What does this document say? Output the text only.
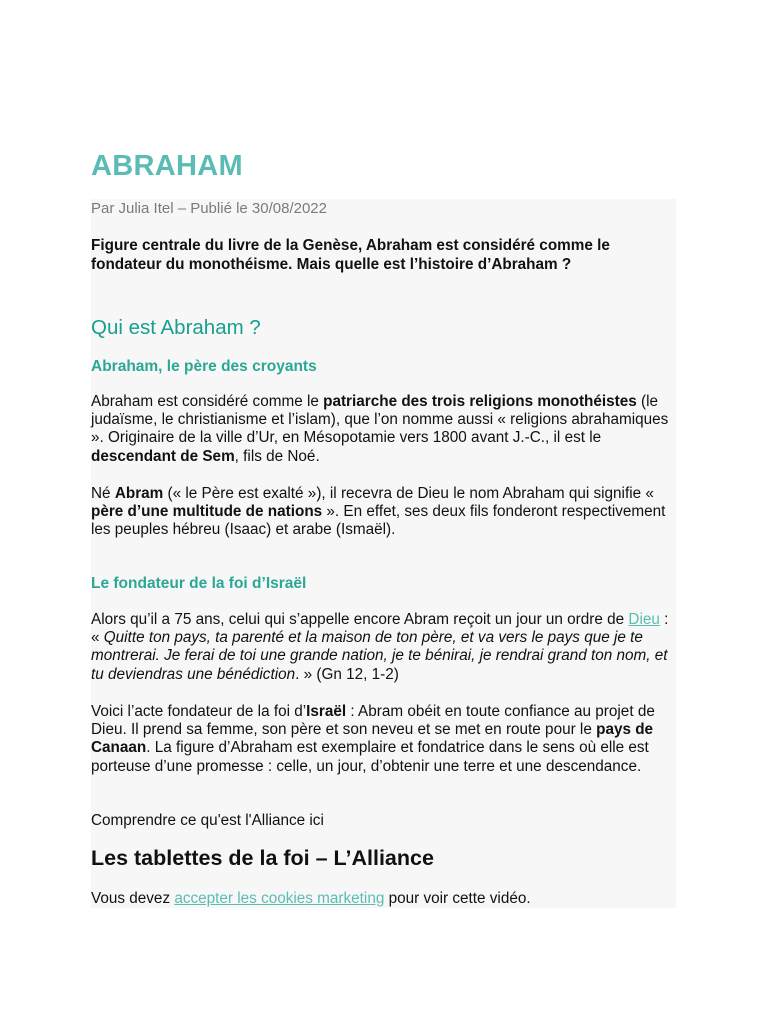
ABRAHAM
Par Julia Itel – Publié le 30/08/2022
Figure centrale du livre de la Genèse, Abraham est considéré comme le fondateur du monothéisme. Mais quelle est l’histoire d’Abraham ?
Qui est Abraham ?
Abraham, le père des croyants

Abraham est considéré comme le patriarche des trois religions monothéistes (le judaïsme, le christianisme et l’islam), que l’on nomme aussi « religions abrahamiques ». Originaire de la ville d’Ur, en Mésopotamie vers 1800 avant J.-C., il est le descendant de Sem, fils de Noé.

Né Abram (« le Père est exalté »), il recevra de Dieu le nom Abraham qui signifie « père d’une multitude de nations ». En effet, ses deux fils fonderont respectivement les peuples hébreu (Isaac) et arabe (Ismaël).

Le fondateur de la foi d’Israël

Alors qu’il a 75 ans, celui qui s’appelle encore Abram reçoit un jour un ordre de Dieu : « Quitte ton pays, ta parenté et la maison de ton père, et va vers le pays que je te montrerai. Je ferai de toi une grande nation, je te bénirai, je rendrai grand ton nom, et tu deviendras une bénédiction. » (Gn 12, 1-2)

Voici l’acte fondateur de la foi d’Israël : Abram obéit en toute confiance au projet de Dieu. Il prend sa femme, son père et son neveu et se met en route pour le pays de Canaan. La figure d’Abraham est exemplaire et fondatrice dans le sens où elle est porteuse d’une promesse : celle, un jour, d’obtenir une terre et une descendance.

Comprendre ce qu'est l'Alliance ici

Les tablettes de la foi – L’Alliance

Vous devez accepter les cookies marketing pour voir cette vidéo.
